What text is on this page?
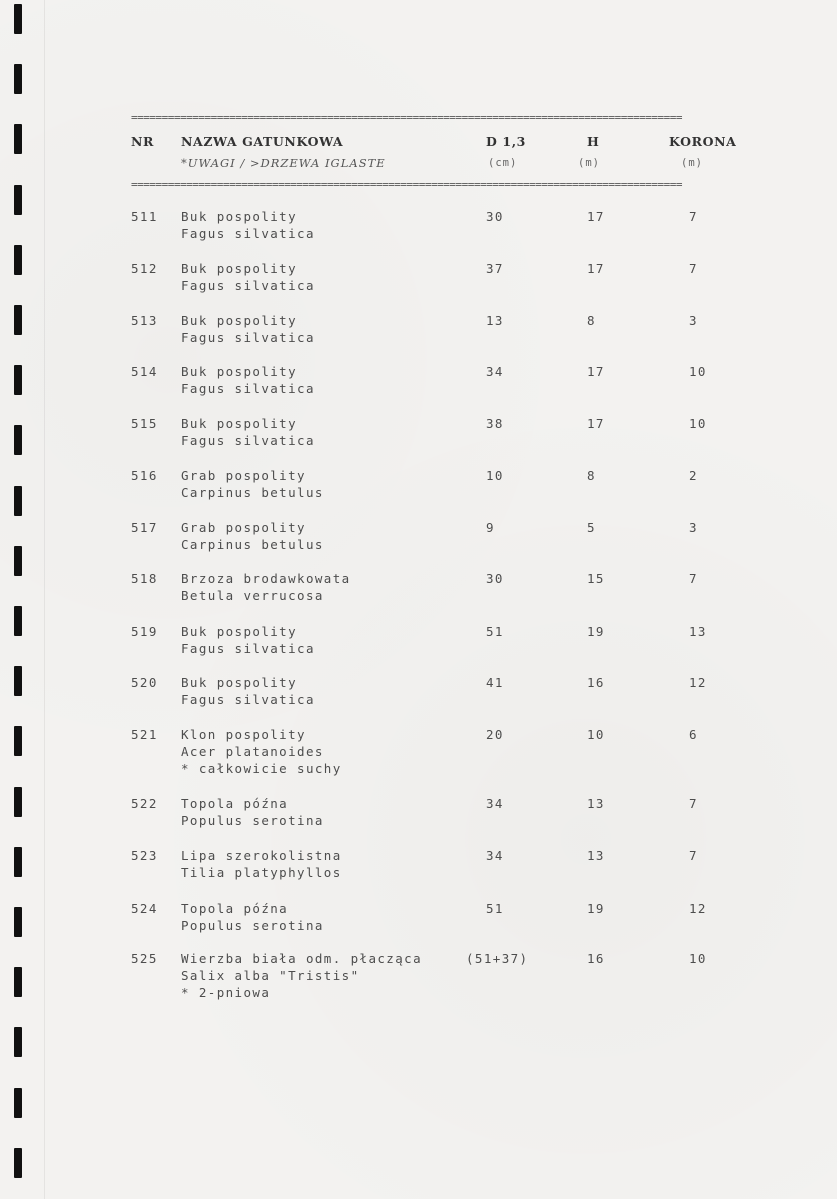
==========================================================================================
NR NAZWA GATUNKOWA	D 1,3	H	KORONA
*UWAGI / >DRZEWA IGLASTE	(cm)	(m)	(m)
==========================================================================================
511 Buk pospolity	30	17	7
Fagus silvatica
512 Buk pospolity	37	17	7
Fagus silvatica
513 Buk pospolity	13	8	3
Fagus silvatica
514 Buk pospolity	34	17	10
Fagus silvatica
515 Buk pospolity	38	17	10
Fagus silvatica
516 Grab pospolity	10	8	2
Carpinus betulus
517 Grab pospolity	9	5	3
Carpinus betulus
518 Brzoza brodawkowata	30	15	7
Betula verrucosa
519 Buk pospolity	51	19	13
Fagus silvatica
520 Buk pospolity	41	16	12
Fagus silvatica
521 Klon pospolity	20	10	6
Acer platanoides
* całkowicie suchy
522 Topola późna	34	13	7
Populus serotina
523 Lipa szerokolistna	34	13	7
Tilia platyphyllos
524 Topola późna	51	19	12
Populus serotina
525 Wierzba biała odm. płacząca	(51+37)	16	10
Salix alba "Tristis"
* 2-pniowa
